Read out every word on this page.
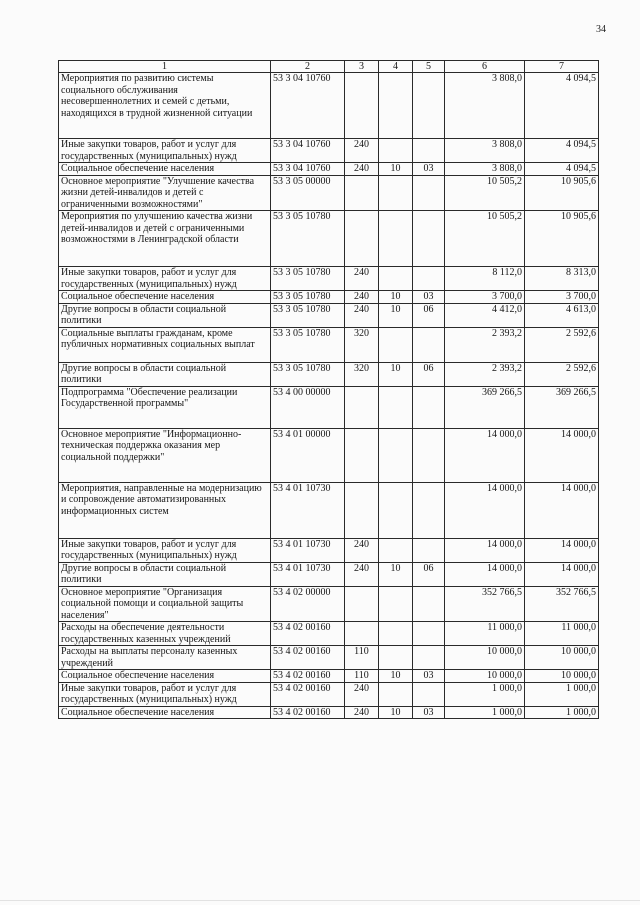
34
1	2	3	4	5	6	7
Мероприятия по развитию системы социального обслуживания несовершеннолетних и семей с детьми, находящихся в трудной жизненной ситуации	53 3 04 10760				3 808,0	4 094,5
Иные закупки товаров, работ и услуг для государственных (муниципальных) нужд	53 3 04 10760	240			3 808,0	4 094,5
Социальное обеспечение населения	53 3 04 10760	240	10	03	3 808,0	4 094,5
Основное мероприятие "Улучшение качества жизни детей-инвалидов и детей с ограниченными возможностями"	53 3 05 00000				10 505,2	10 905,6
Мероприятия по улучшению качества жизни детей-инвалидов и детей с ограниченными возможностями в Ленинградской области	53 3 05 10780				10 505,2	10 905,6
Иные закупки товаров, работ и услуг для государственных (муниципальных) нужд	53 3 05 10780	240			8 112,0	8 313,0
Социальное обеспечение населения	53 3 05 10780	240	10	03	3 700,0	3 700,0
Другие вопросы в области социальной политики	53 3 05 10780	240	10	06	4 412,0	4 613,0
Социальные выплаты гражданам, кроме публичных нормативных социальных выплат	53 3 05 10780	320			2 393,2	2 592,6
Другие вопросы в области социальной политики	53 3 05 10780	320	10	06	2 393,2	2 592,6
Подпрограмма "Обеспечение реализации Государственной программы"	53 4 00 00000				369 266,5	369 266,5
Основное мероприятие "Информационно-техническая поддержка оказания мер социальной поддержки"	53 4 01 00000				14 000,0	14 000,0
Мероприятия, направленные на модернизацию и сопровождение автоматизированных информационных систем	53 4 01 10730				14 000,0	14 000,0
Иные закупки товаров, работ и услуг для государственных (муниципальных) нужд	53 4 01 10730	240			14 000,0	14 000,0
Другие вопросы в области социальной политики	53 4 01 10730	240	10	06	14 000,0	14 000,0
Основное мероприятие "Организация социальной помощи и социальной защиты населения"	53 4 02 00000				352 766,5	352 766,5
Расходы на обеспечение деятельности государственных казенных учреждений	53 4 02 00160				11 000,0	11 000,0
Расходы на выплаты персоналу казенных учреждений	53 4 02 00160	110			10 000,0	10 000,0
Социальное обеспечение населения	53 4 02 00160	110	10	03	10 000,0	10 000,0
Иные закупки товаров, работ и услуг для государственных (муниципальных) нужд	53 4 02 00160	240			1 000,0	1 000,0
Социальное обеспечение населения	53 4 02 00160	240	10	03	1 000,0	1 000,0
